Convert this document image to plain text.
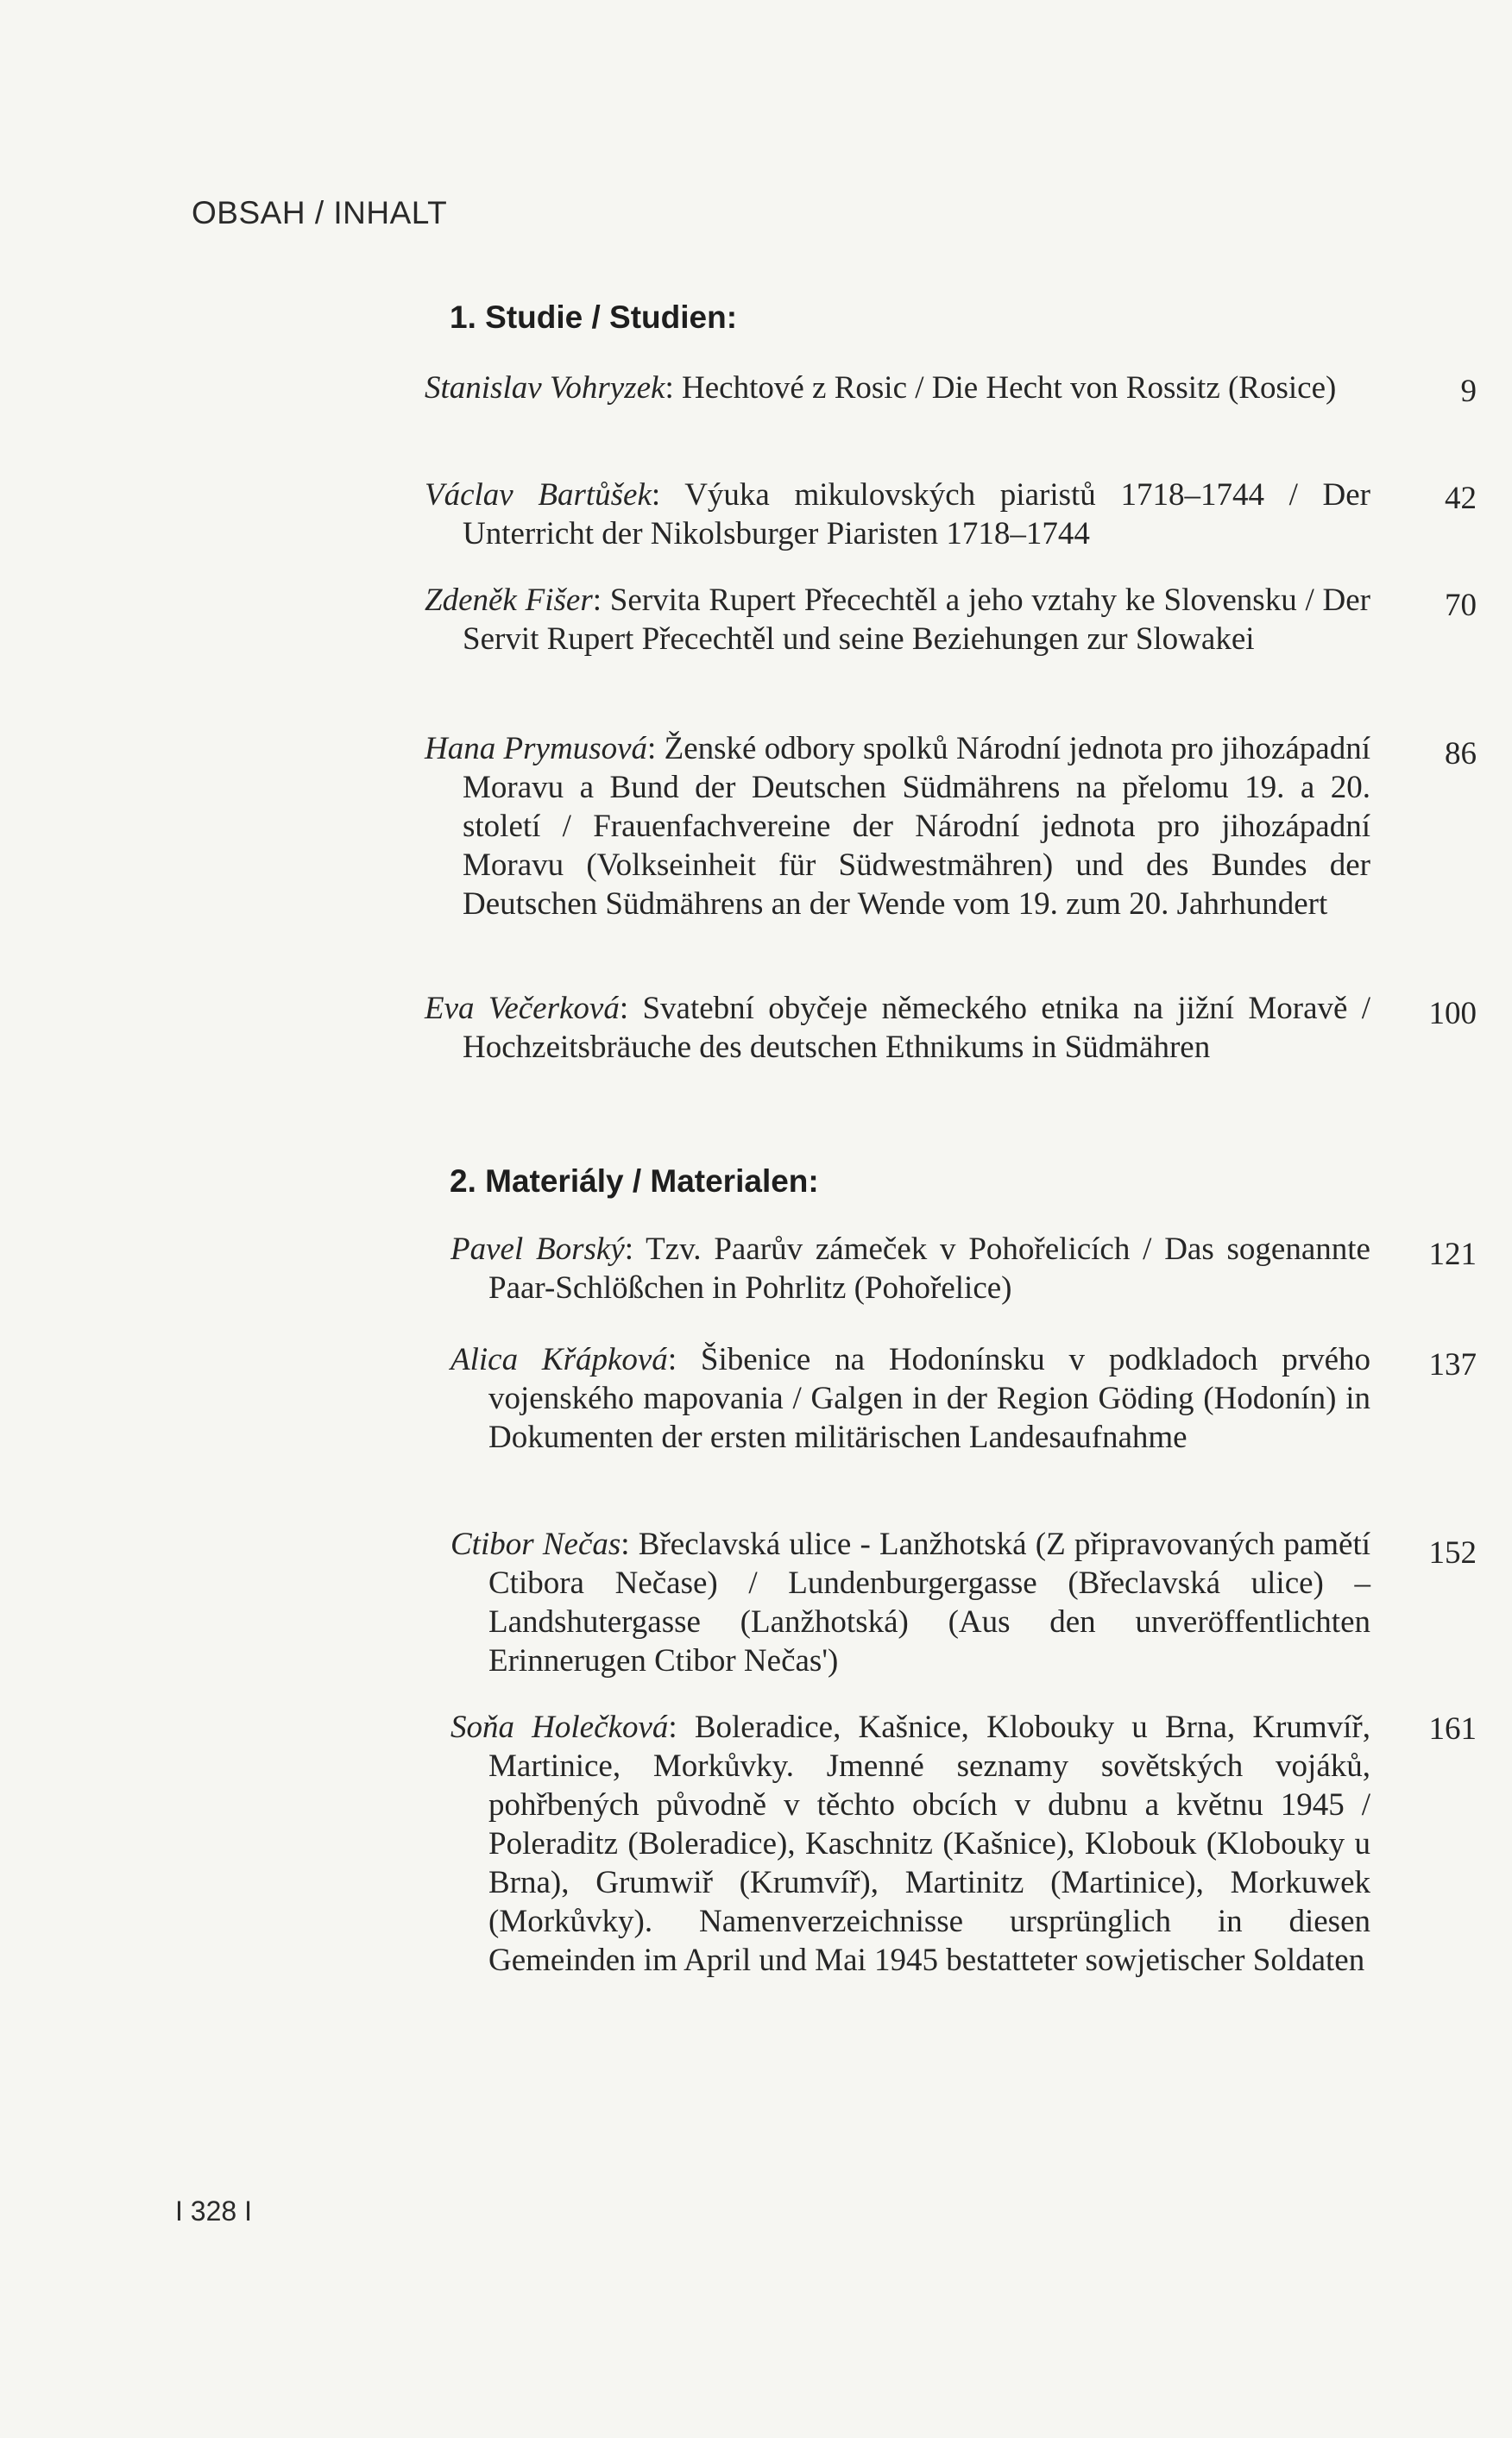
OBSAH / INHALT
1. Studie / Studien:
Stanislav Vohryzek: Hechtové z Rosic / Die Hecht von Rossitz (Rosice)	9
Václav Bartůšek: Výuka mikulovských piaristů 1718–1744 / Der Unterricht der Nikolsburger Piaristen 1718–1744
42
Zdeněk Fišer: Servita Rupert Přecechtěl a jeho vztahy ke Slovensku / Der Servit Rupert Přecechtěl und seine Beziehungen zur Slowakei
70
Hana Prymusová: Ženské odbory spolků Národní jednota pro jihozápadní Moravu a Bund der Deutschen Südmährens na přelomu 19. a 20. století / Frauenfachvereine der Národní jednota pro jihozápadní Moravu (Volkseinheit für Südwestmähren) und des Bundes der Deutschen Südmährens an der Wende vom 19. zum 20. Jahrhundert
86
Eva Večerková: Svatební obyčeje německého etnika na jižní Moravě / Hochzeitsbräuche des deutschen Ethnikums in Südmähren
100
2. Materiály / Materialen:
Pavel Borský: Tzv. Paarův zámeček v Pohořelicích / Das sogenannte Paar-Schlößchen in Pohrlitz (Pohořelice)
121
Alica Křápková: Šibenice na Hodonínsku v podkladoch prvého vojenského mapovania / Galgen in der Region Göding (Hodonín) in Dokumenten der ersten militärischen Landesaufnahme
137
Ctibor Nečas: Břeclavská ulice - Lanžhotská (Z připravovaných pamětí Ctibora Nečase) / Lundenburgergasse (Břeclavská ulice) – Landshutergasse (Lanžhotská) (Aus den unveröffentlichten Erinnerugen Ctibor Nečas')
152
Soňa Holečková: Boleradice, Kašnice, Klobouky u Brna, Krumvíř, Martinice, Morkůvky. Jmenné seznamy sovětských vojáků, pohřbených původně v těchto obcích v dubnu a květnu 1945 / Poleraditz (Boleradice), Kaschnitz (Kašnice), Klobouk (Klobouky u Brna), Grumwiř (Krumvíř), Martinitz (Martinice), Morkuwek (Morkůvky). Namenverzeichnisse ursprünglich in diesen Gemeinden im April und Mai 1945 bestatteter sowjetischer Soldaten
161
I 328 I
